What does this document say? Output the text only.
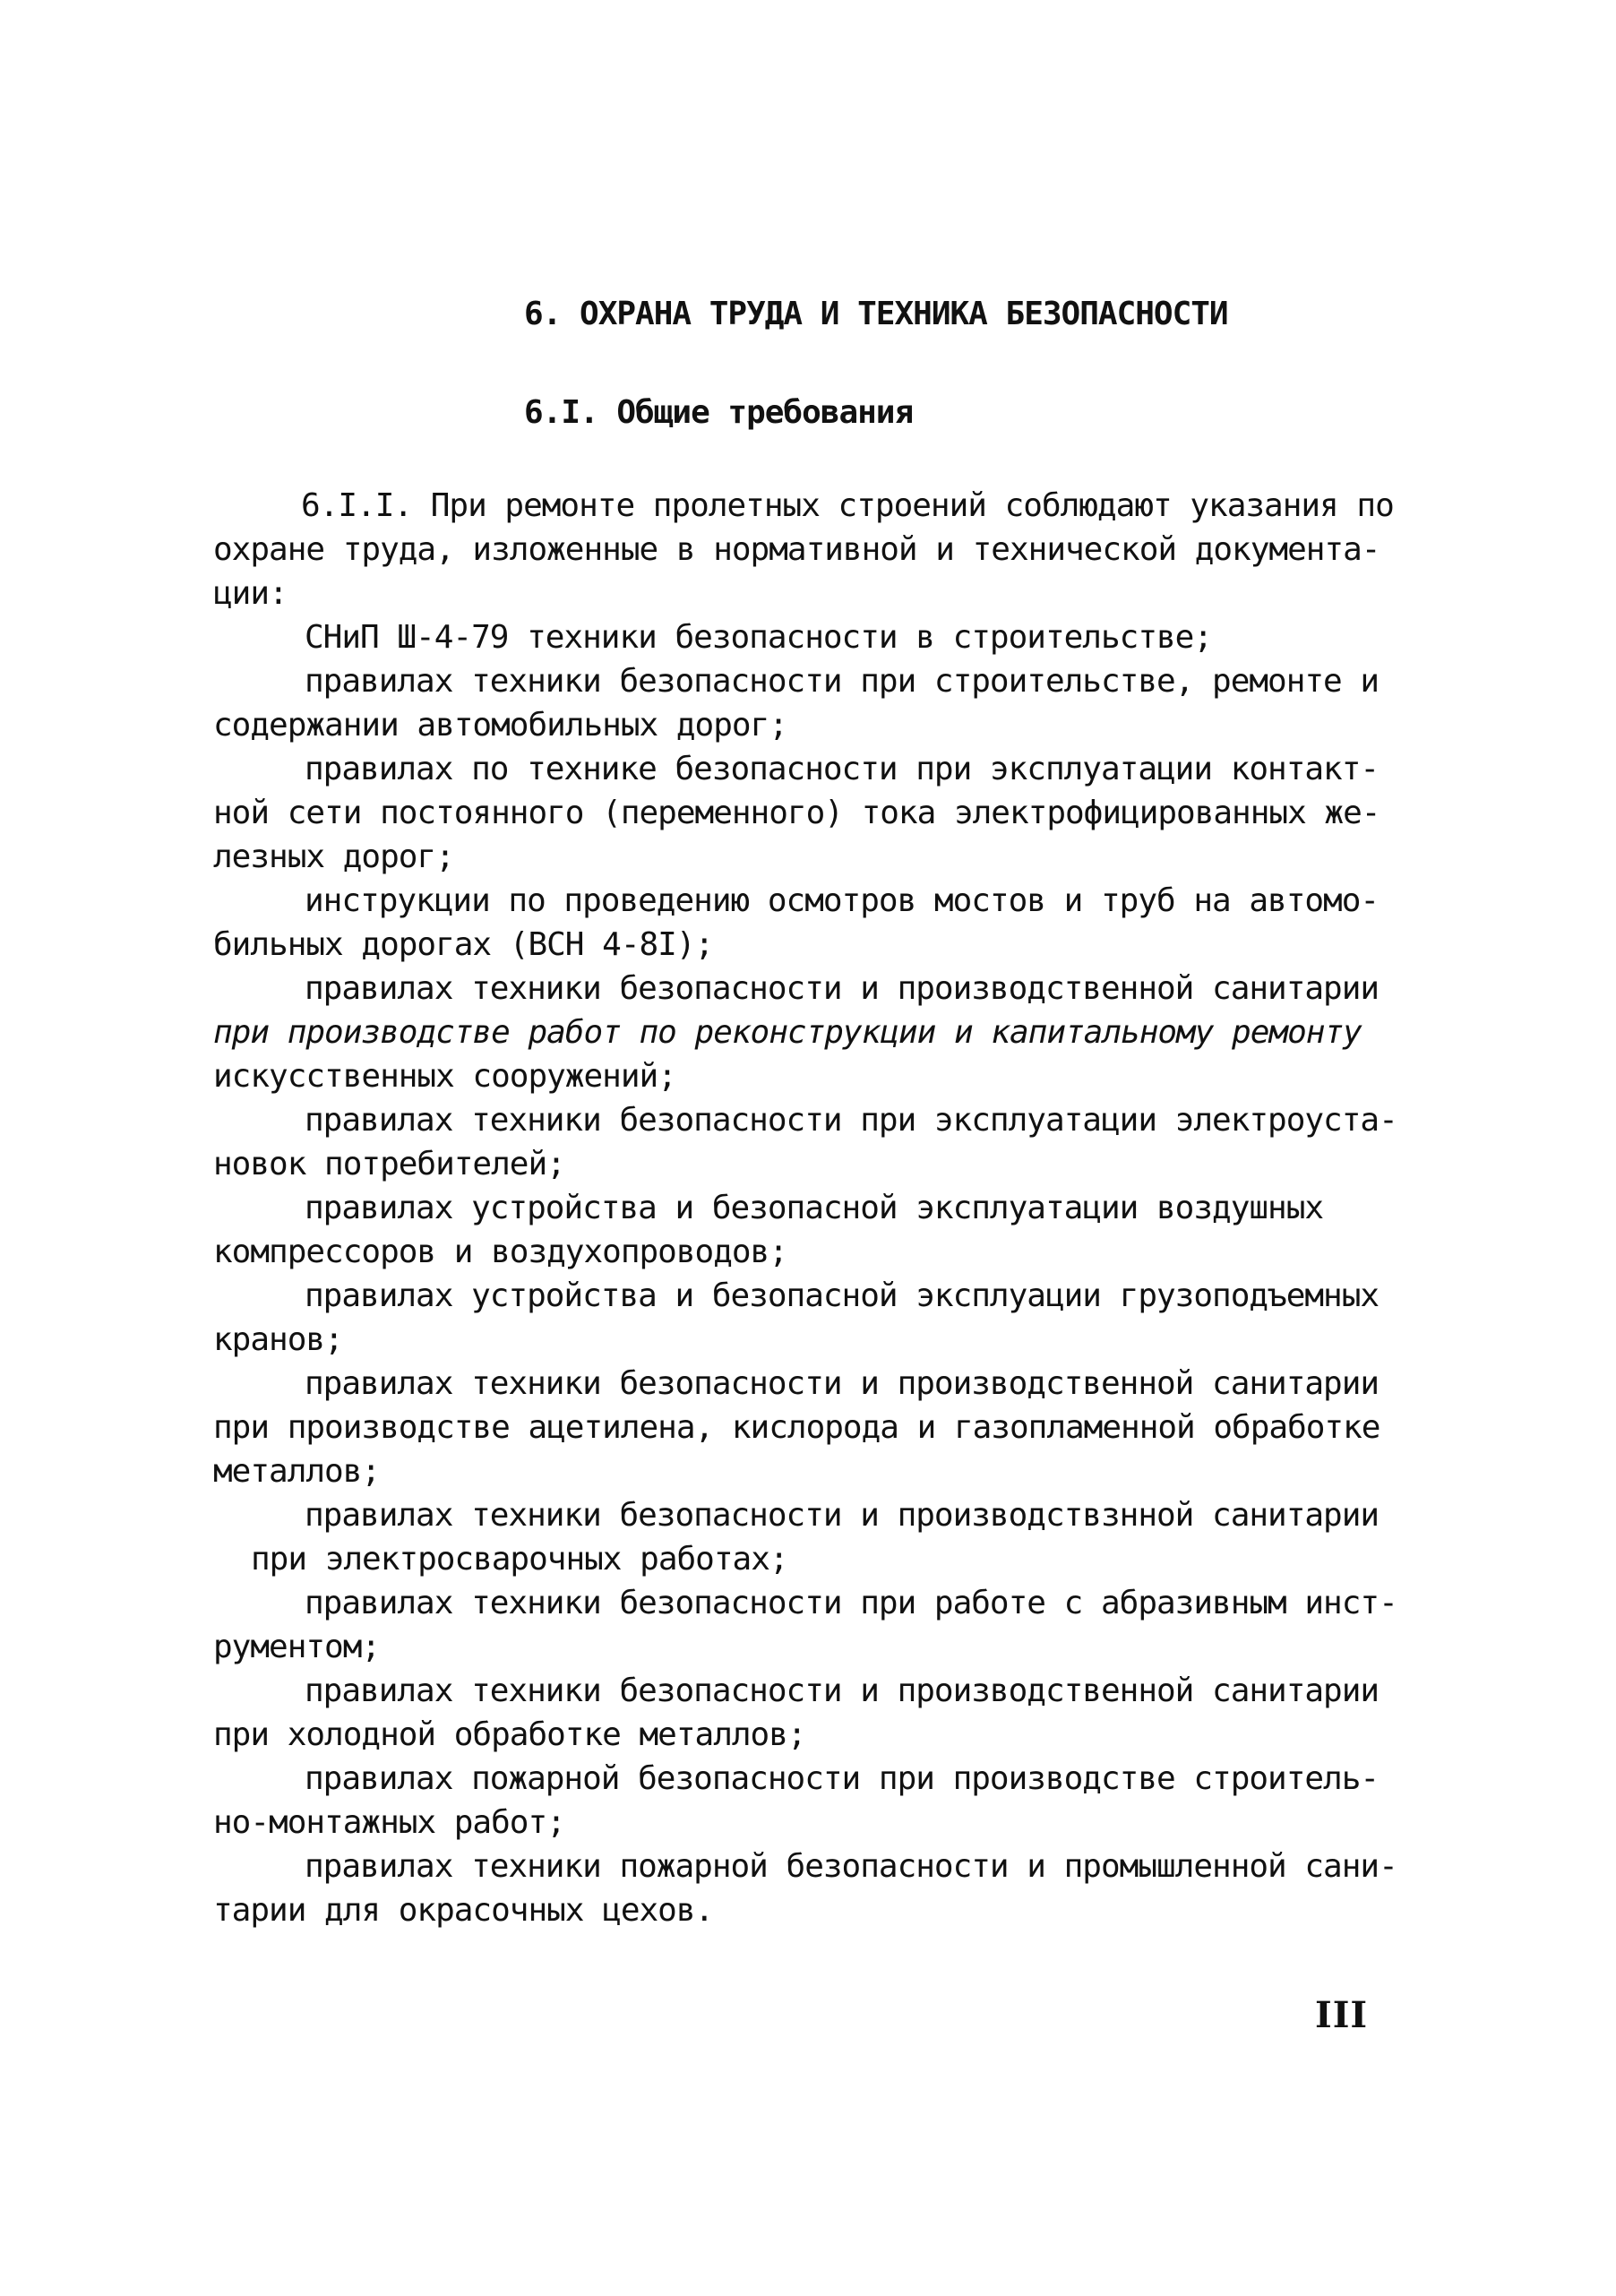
6. ОХРАНА ТРУДА И ТЕХНИКА БЕЗОПАСНОСТИ
6.I. Общие требования
6.I.I. При ремонте пролетных строений соблюдают указания по
охране труда, изложенные в нормативной и технической документа-
ции:
СНиП Ш-4-79 техники безопасности в строительстве;
правилах техники безопасности при строительстве, ремонте и
содержании автомобильных дорог;
правилах по технике безопасности при эксплуатации контакт-
ной сети постоянного (переменного) тока электрофицированных же-
лезных дорог;
инструкции по проведению осмотров мостов и труб на автомо-
бильных дорогах (ВСН 4-8I);
правилах техники безопасности и производственной санитарии
при производстве работ по реконструкции и капитальному ремонту
искусственных сооружений;
правилах техники безопасности при эксплуатации электроуста-
новок потребителей;
правилах устройства и безопасной эксплуатации воздушных
компрессоров и воздухопроводов;
правилах устройства и безопасной эксплуации грузоподъемных
кранов;
правилах техники безопасности и производственной санитарии
при производстве ацетилена, кислорода и газопламенной обработке
металлов;
правилах техники безопасности и производствзнной санитарии
при электросварочных работах;
правилах техники безопасности при работе с абразивным инст-
рументом;
правилах техники безопасности и производственной санитарии
при холодной обработке металлов;
правилах пожарной безопасности при производстве строитель-
но-монтажных работ;
правилах техники пожарной безопасности и промышленной сани-
тарии для окрасочных цехов.
III
